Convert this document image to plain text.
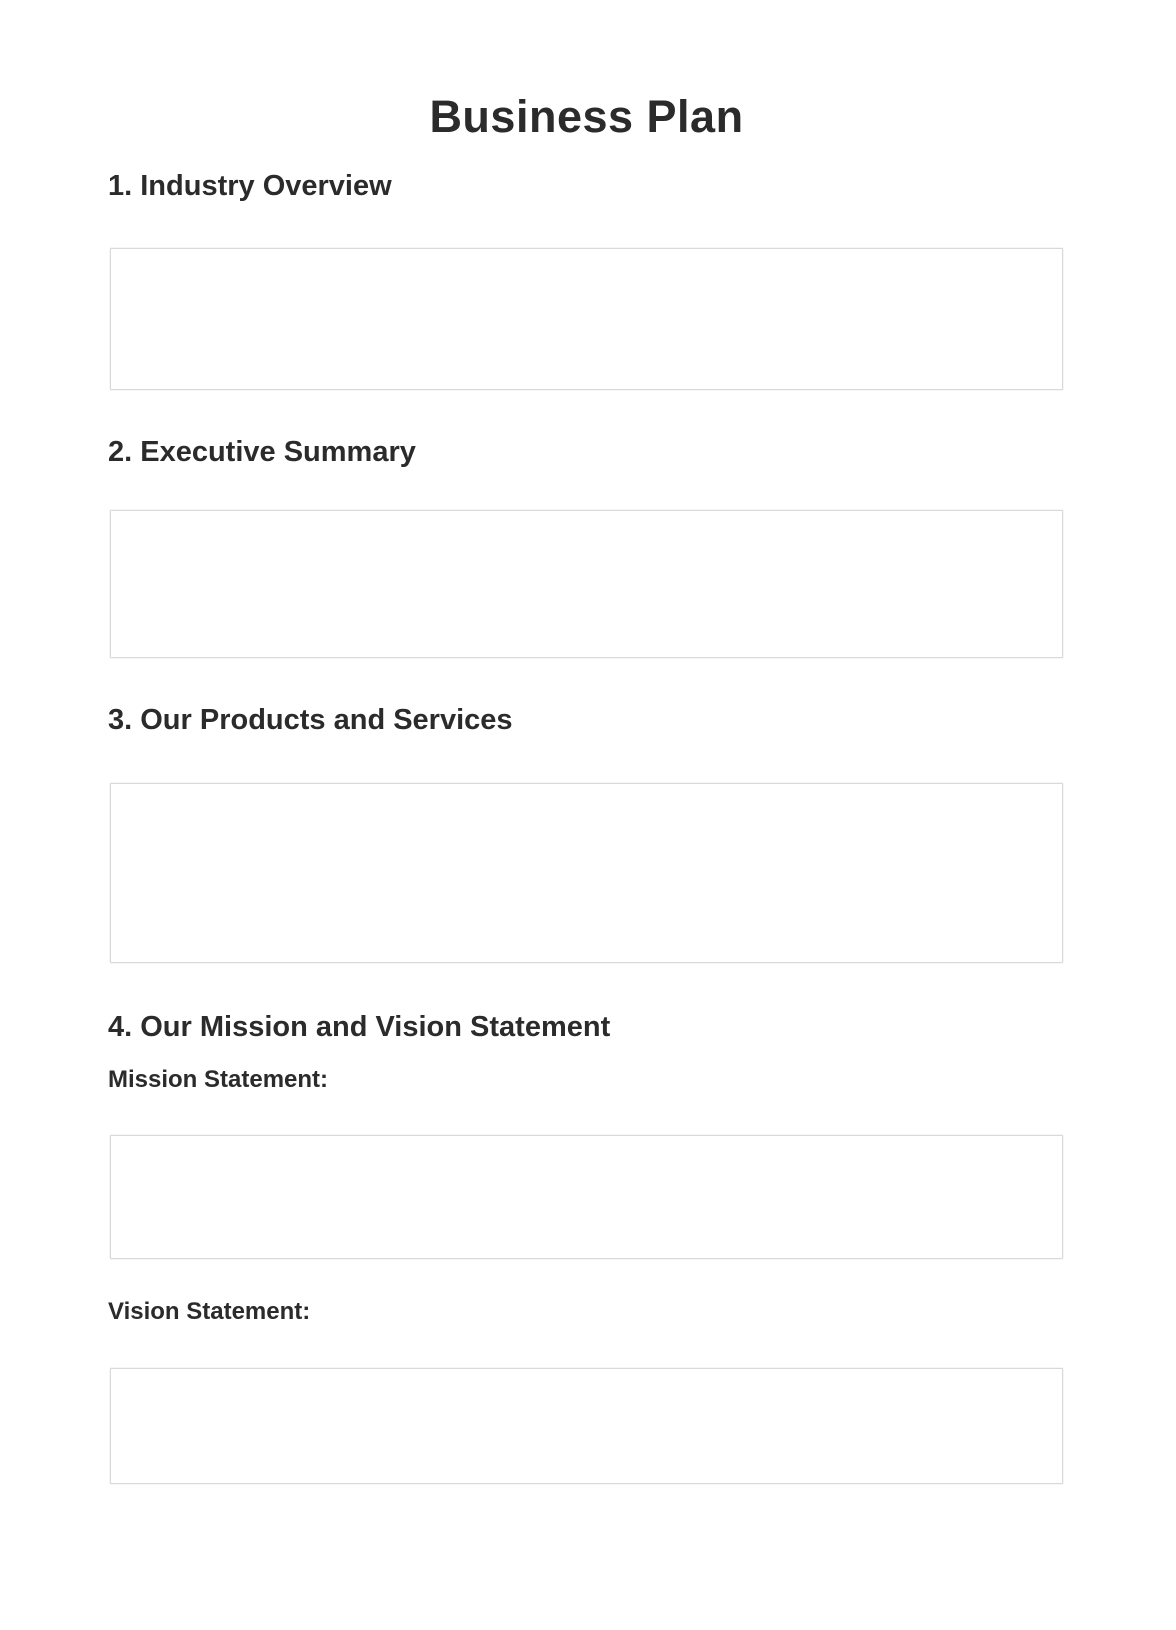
Business Plan
1. Industry Overview
2. Executive Summary
3. Our Products and Services
4. Our Mission and Vision Statement
Mission Statement:
Vision Statement:
